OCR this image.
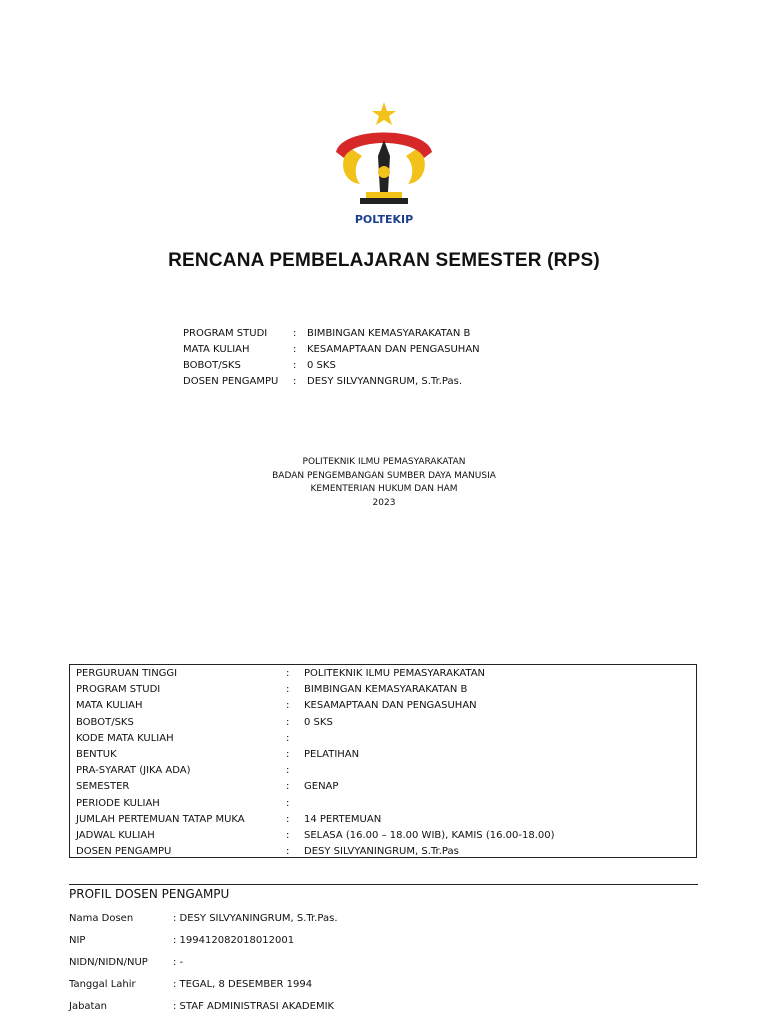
POLTEKIP
RENCANA PEMBELAJARAN SEMESTER (RPS)
PROGRAM STUDI	:	BIMBINGAN KEMASYARAKATAN B
MATA KULIAH	:	KESAMAPTAAN DAN PENGASUHAN
BOBOT/SKS	:	0 SKS
DOSEN PENGAMPU	:	DESY SILVYANNGRUM, S.Tr.Pas.
POLITEKNIK ILMU PEMASYARAKATAN
BADAN PENGEMBANGAN SUMBER DAYA MANUSIA
KEMENTERIAN HUKUM DAN HAM
2023
PERGURUAN TINGGI	:	POLITEKNIK ILMU PEMASYARAKATAN
PROGRAM STUDI	:	BIMBINGAN KEMASYARAKATAN B
MATA KULIAH	:	KESAMAPTAAN DAN PENGASUHAN
BOBOT/SKS	:	0 SKS
KODE MATA KULIAH	:
BENTUK	:	PELATIHAN
PRA-SYARAT (JIKA ADA)	:
SEMESTER	:	GENAP
PERIODE KULIAH	:
JUMLAH PERTEMUAN TATAP MUKA	:	14 PERTEMUAN
JADWAL KULIAH	:	SELASA (16.00 – 18.00 WIB), KAMIS (16.00-18.00)
DOSEN PENGAMPU	:	DESY SILVYANINGRUM, S.Tr.Pas
PROFIL DOSEN PENGAMPU
Nama Dosen	: DESY SILVYANINGRUM, S.Tr.Pas.
NIP	: 199412082018012001
NIDN/NIDN/NUP	: -
Tanggal Lahir	: TEGAL, 8 DESEMBER 1994
Jabatan	: STAF ADMINISTRASI AKADEMIK
